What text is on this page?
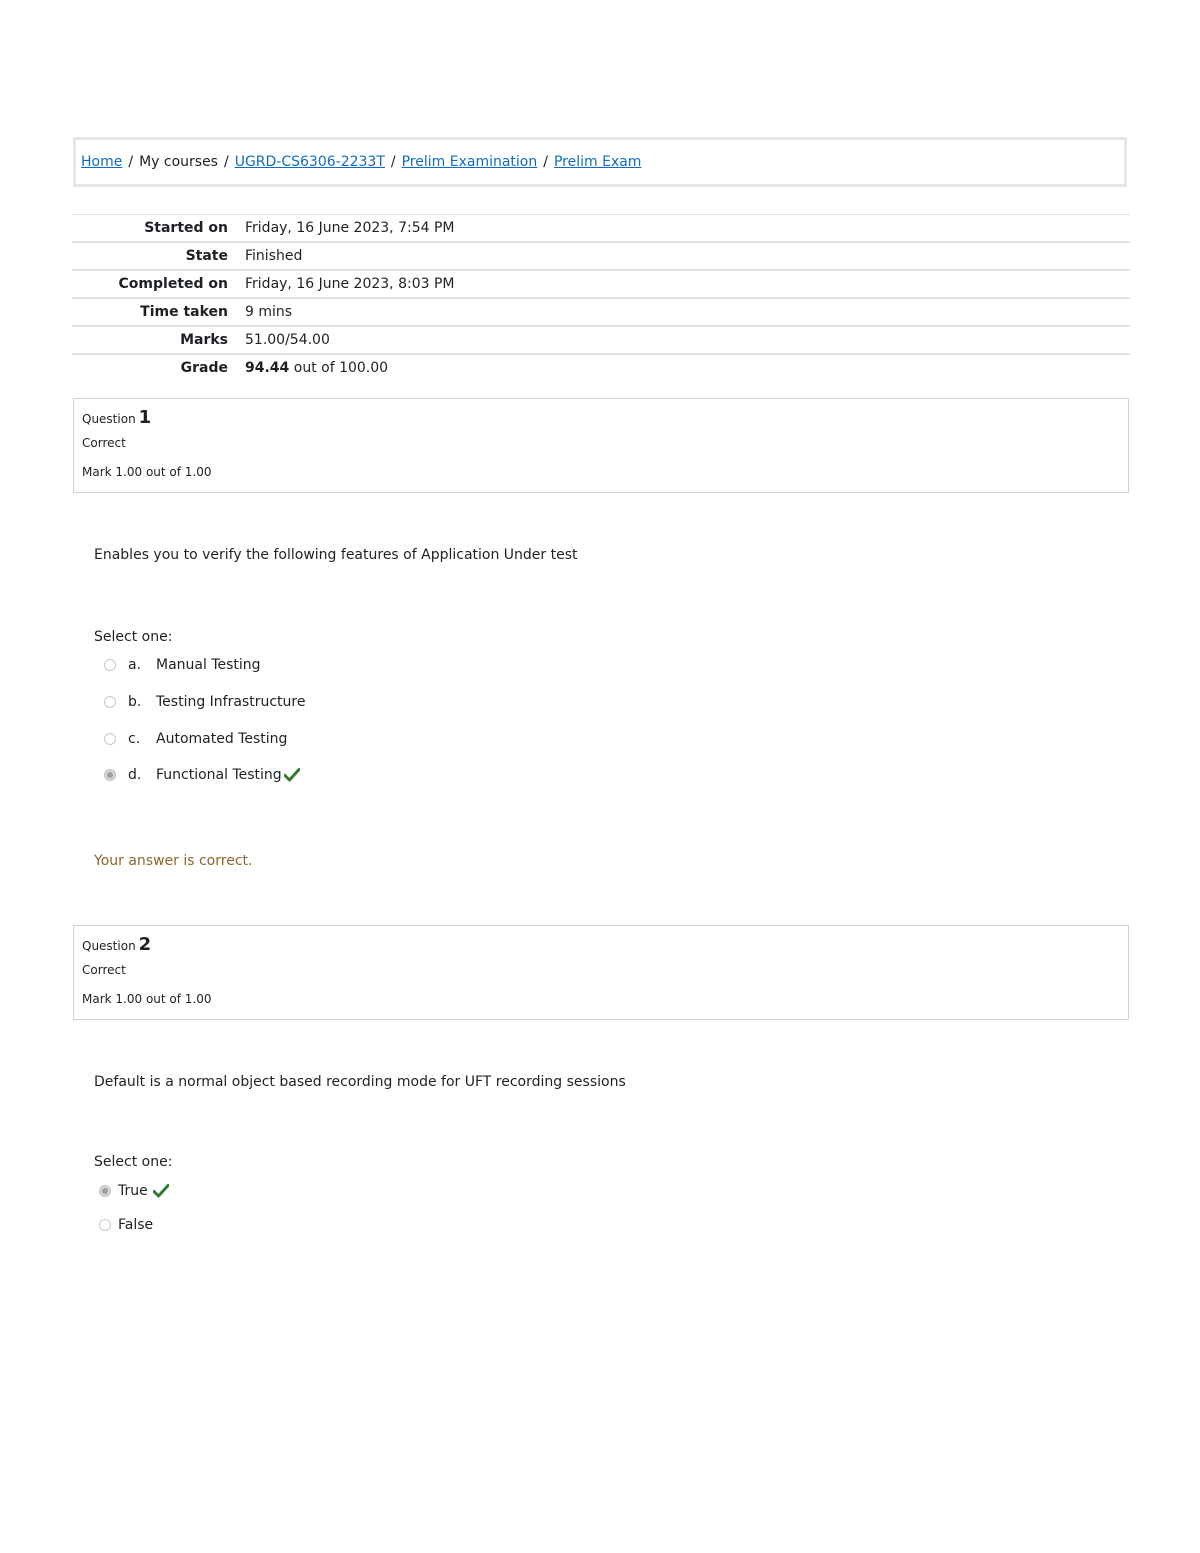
Home / My courses / UGRD-CS6306-2233T / Prelim Examination / Prelim Exam
Started on	Friday, 16 June 2023, 7:54 PM
State	Finished
Completed on	Friday, 16 June 2023, 8:03 PM
Time taken	9 mins
Marks	51.00/54.00
Grade	94.44 out of 100.00
Question 1
Correct
Mark 1.00 out of 1.00
Enables you to verify the following features of Application Under test
Select one:
a.	Manual Testing
b.	Testing Infrastructure
c.	Automated Testing
d.	Functional Testing
Your answer is correct.
Question 2
Correct
Mark 1.00 out of 1.00
Default is a normal object based recording mode for UFT recording sessions
Select one:
True
False
